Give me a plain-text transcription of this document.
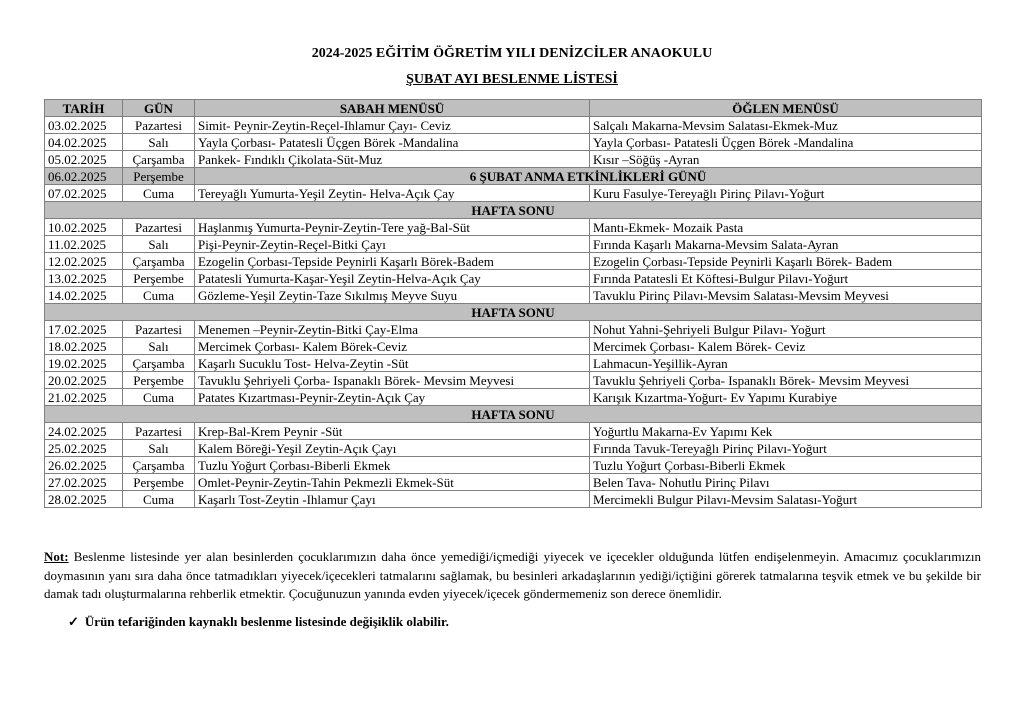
2024-2025 EĞİTİM ÖĞRETİM YILI DENİZCİLER ANAOKULU
ŞUBAT AYI BESLENME LİSTESİ
TARİH	GÜN	SABAH MENÜSÜ	ÖĞLEN MENÜSÜ
03.02.2025	Pazartesi	Simit- Peynir-Zeytin-Reçel-Ihlamur Çayı- Ceviz	Salçalı Makarna-Mevsim Salatası-Ekmek-Muz
04.02.2025	Salı	Yayla Çorbası- Patatesli Üçgen Börek -Mandalina	Yayla Çorbası- Patatesli Üçgen Börek -Mandalina
05.02.2025	Çarşamba	Pankek- Fındıklı Çikolata-Süt-Muz	Kısır –Söğüş -Ayran
06.02.2025	Perşembe	6 ŞUBAT ANMA ETKİNLİKLERİ GÜNÜ	
07.02.2025	Cuma	Tereyağlı Yumurta-Yeşil Zeytin- Helva-Açık Çay	Kuru Fasulye-Tereyağlı Pirinç Pilavı-Yoğurt
HAFTA SONU			
10.02.2025	Pazartesi	Haşlanmış Yumurta-Peynir-Zeytin-Tere yağ-Bal-Süt	Mantı-Ekmek- Mozaik Pasta
11.02.2025	Salı	Pişi-Peynir-Zeytin-Reçel-Bitki Çayı	Fırında Kaşarlı Makarna-Mevsim Salata-Ayran
12.02.2025	Çarşamba	Ezogelin Çorbası-Tepside Peynirli Kaşarlı Börek-Badem	Ezogelin Çorbası-Tepside Peynirli Kaşarlı Börek- Badem
13.02.2025	Perşembe	Patatesli Yumurta-Kaşar-Yeşil Zeytin-Helva-Açık Çay	Fırında Patatesli Et Köftesi-Bulgur Pilavı-Yoğurt
14.02.2025	Cuma	Gözleme-Yeşil Zeytin-Taze Sıkılmış Meyve Suyu	Tavuklu Pirinç Pilavı-Mevsim Salatası-Mevsim Meyvesi
HAFTA SONU			
17.02.2025	Pazartesi	Menemen –Peynir-Zeytin-Bitki Çay-Elma	Nohut Yahni-Şehriyeli Bulgur Pilavı- Yoğurt
18.02.2025	Salı	Mercimek Çorbası- Kalem Börek-Ceviz	Mercimek Çorbası- Kalem Börek- Ceviz
19.02.2025	Çarşamba	Kaşarlı Sucuklu Tost- Helva-Zeytin -Süt	Lahmacun-Yeşillik-Ayran
20.02.2025	Perşembe	Tavuklu Şehriyeli Çorba- Ispanaklı Börek- Mevsim Meyvesi	Tavuklu Şehriyeli Çorba- Ispanaklı Börek- Mevsim Meyvesi
21.02.2025	Cuma	Patates Kızartması-Peynir-Zeytin-Açık Çay	Karışık Kızartma-Yoğurt- Ev Yapımı Kurabiye
HAFTA SONU			
24.02.2025	Pazartesi	Krep-Bal-Krem Peynir -Süt	Yoğurtlu Makarna-Ev Yapımı Kek
25.02.2025	Salı	Kalem Böreği-Yeşil Zeytin-Açık Çayı	Fırında Tavuk-Tereyağlı Pirinç Pilavı-Yoğurt
26.02.2025	Çarşamba	Tuzlu Yoğurt Çorbası-Biberli Ekmek	Tuzlu Yoğurt Çorbası-Biberli Ekmek
27.02.2025	Perşembe	Omlet-Peynir-Zeytin-Tahin Pekmezli Ekmek-Süt	Belen Tava- Nohutlu Pirinç Pilavı
28.02.2025	Cuma	Kaşarlı Tost-Zeytin -Ihlamur Çayı	Mercimekli Bulgur Pilavı-Mevsim Salatası-Yoğurt
Not: Beslenme listesinde yer alan besinlerden çocuklarımızın daha önce yemediği/içmediği yiyecek ve içecekler olduğunda lütfen endişelenmeyin. Amacımız çocuklarımızın doymasının yanı sıra daha önce tatmadıkları yiyecek/içecekleri tatmalarını sağlamak, bu besinleri arkadaşlarının yediği/içtiğini görerek tatmalarına teşvik etmek ve bu şekilde bir damak tadı oluşturmalarına rehberlik etmektir. Çocuğunuzun yanında evden yiyecek/içecek göndermemeniz son derece önemlidir.
✓ Ürün tefariğinden kaynaklı beslenme listesinde değişiklik olabilir.
